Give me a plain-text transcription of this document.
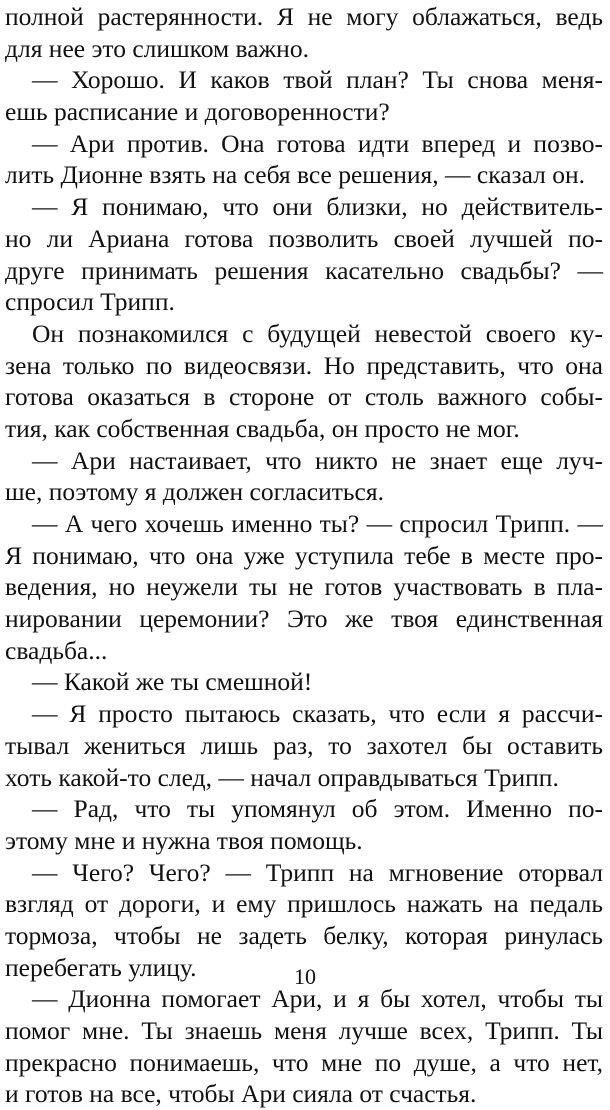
полной растерянности. Я не могу облажаться, ведь
для нее это слишком важно.
— Хорошо. И каков твой план? Ты снова меня-
ешь расписание и договоренности?
— Ари против. Она готова идти вперед и позво-
лить Дионне взять на себя все решения, — сказал он.
— Я понимаю, что они близки, но действитель-
но ли Ариана готова позволить своей лучшей по-
друге принимать решения касательно свадьбы? —
спросил Трипп.
Он познакомился с будущей невестой своего ку-
зена только по видеосвязи. Но представить, что она
готова оказаться в стороне от столь важного собы-
тия, как собственная свадьба, он просто не мог.
— Ари настаивает, что никто не знает еще луч-
ше, поэтому я должен согласиться.
— А чего хочешь именно ты? — спросил Трипп. —
Я понимаю, что она уже уступила тебе в месте про-
ведения, но неужели ты не готов участвовать в пла-
нировании церемонии? Это же твоя единственная
свадьба...
— Какой же ты смешной!
— Я просто пытаюсь сказать, что если я рассчи-
тывал жениться лишь раз, то захотел бы оставить
хоть какой-то след, — начал оправдываться Трипп.
— Рад, что ты упомянул об этом. Именно по-
этому мне и нужна твоя помощь.
— Чего? Чего? — Трипп на мгновение оторвал
взгляд от дороги, и ему пришлось нажать на педаль
тормоза, чтобы не задеть белку, которая ринулась
перебегать улицу.
— Дионна помогает Ари, и я бы хотел, чтобы ты
помог мне. Ты знаешь меня лучше всех, Трипп. Ты
прекрасно понимаешь, что мне по душе, а что нет,
и готов на все, чтобы Ари сияла от счастья.
10
